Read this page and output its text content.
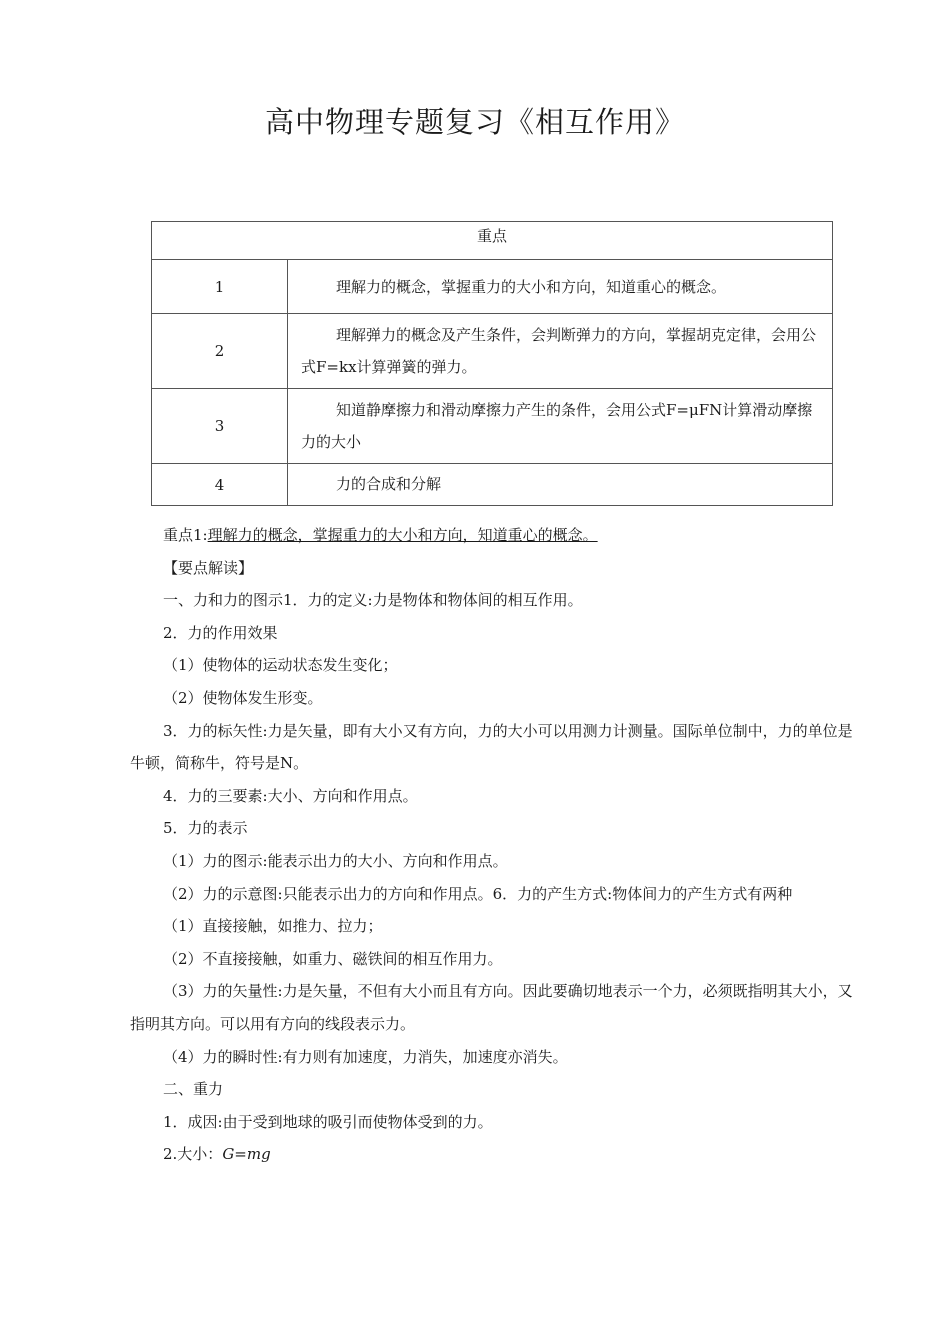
高中物理专题复习《相互作用》
重点	
1	理解力的概念，掌握重力的大小和方向，知道重心的概念。
2	理解弹力的概念及产生条件，会判断弹力的方向，掌握胡克定律，会用公式F=kx计算弹簧的弹力。
3	知道静摩擦力和滑动摩擦力产生的条件，会用公式F=μFN计算滑动摩擦力的大小
4	力的合成和分解

重点1:理解力的概念，掌握重力的大小和方向，知道重心的概念。

【要点解读】

一、力和力的图示1．力的定义:力是物体和物体间的相互作用。

2．力的作用效果

（1）使物体的运动状态发生变化；

（2）使物体发生形变。

3．力的标矢性:力是矢量，即有大小又有方向，力的大小可以用测力计测量。国际单位制中，力的单位是牛顿，简称牛，符号是N。

4．力的三要素:大小、方向和作用点。

5．力的表示

（1）力的图示:能表示出力的大小、方向和作用点。

（2）力的示意图:只能表示出力的方向和作用点。6．力的产生方式:物体间力的产生方式有两种

（1）直接接触，如推力、拉力；

（2）不直接接触，如重力、磁铁间的相互作用力。

（3）力的矢量性:力是矢量，不但有大小而且有方向。因此要确切地表示一个力，必须既指明其大小，又指明其方向。可以用有方向的线段表示力。

（4）力的瞬时性:有力则有加速度，力消失，加速度亦消失。

二、重力

1．成因:由于受到地球的吸引而使物体受到的力。

2.大小：G=mg
